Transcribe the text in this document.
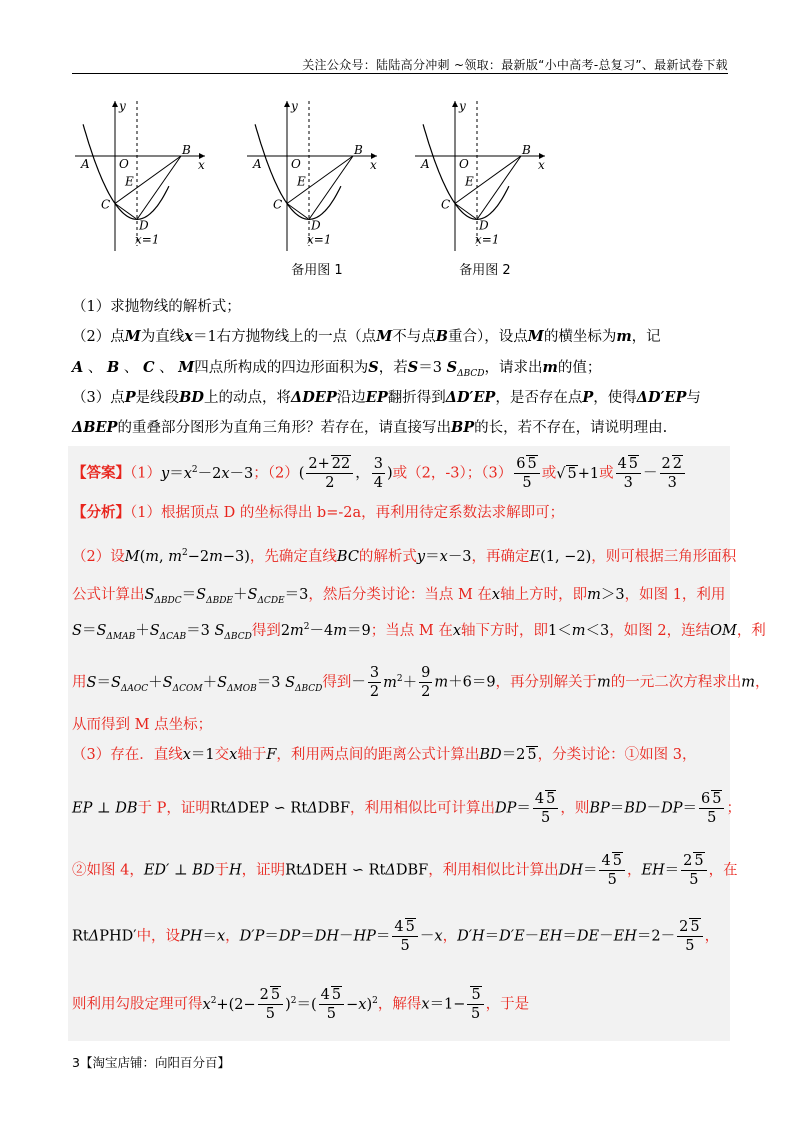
关注公众号：陆陆高分冲刺 ~领取：最新版“小中高考-总复习”、最新试卷下载
y
x
A O
B
C
E
D
x=1
y
x
A O
B
C
E
D
x=1
备用图 1
y
x
A O
B
C
E
D
x=1
备用图 2
（1）求抛物线的解析式；
（2）点M为直线x＝1右方抛物线上的一点（点M不与点B重合），设点M的横坐标为m，记
A 、 B 、 C 、 M四点所构成的四边形面积为S，若S＝3 $S_{\Delta BCD}$，请求出m的值；
（3）点P是线段BD上的动点，将ΔDEP沿边EP翻折得到ΔD′EP，是否存在点P，使得ΔD′EP与
ΔBEP的重叠部分图形为直角三角形？若存在，请直接写出BP的长，若不存在，请说明理由.
【答案】$(1)y=x^2-2x-3$；$(2)( \frac{2+ 22}{2}$ ， $\frac{3}{4}$ )或（2，-3）；$(3) \frac{6 5}{5}$ 或√ 5+1或 $\frac{4 5}{3} - \frac{2 2}{3}$
【分析】（1）根据顶点 D 的坐标得出 b=-2a，再利用待定系数法求解即可；
（2）设M(m, $m^2-2m-3$)，先确定直线BC的解析式y＝x－3，再确定E(1, −2)，则可根据三角形面积
公式计算出$S_{\Delta BDC}=S_{\Delta BDE}+S_{\Delta CDE}=3$，然后分类讨论：当点 M 在x轴上方时，即m＞3，如图 1，利用
$S=S_{\Delta MAB}+S_{\Delta CAB}=3$ $S_{\Delta BCD}$得到$2m^2-4m=9$；当点 M 在x轴下方时，即1＜m＜3，如图 2，连结OM，利
用$S=S_{\Delta AOC}+S_{\Delta COM}+S_{\Delta MOB}=3$ $S_{\Delta BCD}$得到－ $\frac{3}{2} m^2+ \frac{9}{2} m+6=9$，再分别解关于m的一元二次方程求出m，
从而得到 M 点坐标；
（3）存在．直线x＝1交x轴于F，利用两点间的距离公式计算出BD＝2 5，分类讨论：①如图 3，
EP ⊥ DB于 P，证明RtΔDEP ∽ RtΔDBF，利用相似比可计算出$DP= \frac{4 5}{5}$ ，则$BP=BD-DP= \frac{6 5}{5}$ ；
②如图 4，ED′ ⊥ BD于H，证明RtΔDEH ∽ RtΔDBF，利用相似比计算出$DH= \frac{4 5}{5}$ ，$EH= \frac{2 5}{5}$ ，在
RtΔPHD′中，设PH＝x，$D'P=DP=DH-HP= \frac{4 5}{5} -x$，$D'H=D'E-EH=DE-EH=2- \frac{2 5}{5}$ ，
则利用勾股定理可得$x^2+(2- \frac{2 5}{5} )^2=( \frac{4 5}{5} -x)^2$，解得$x=1- \frac{5}{5}$ ，于是
3【淘宝店铺：向阳百分百】
